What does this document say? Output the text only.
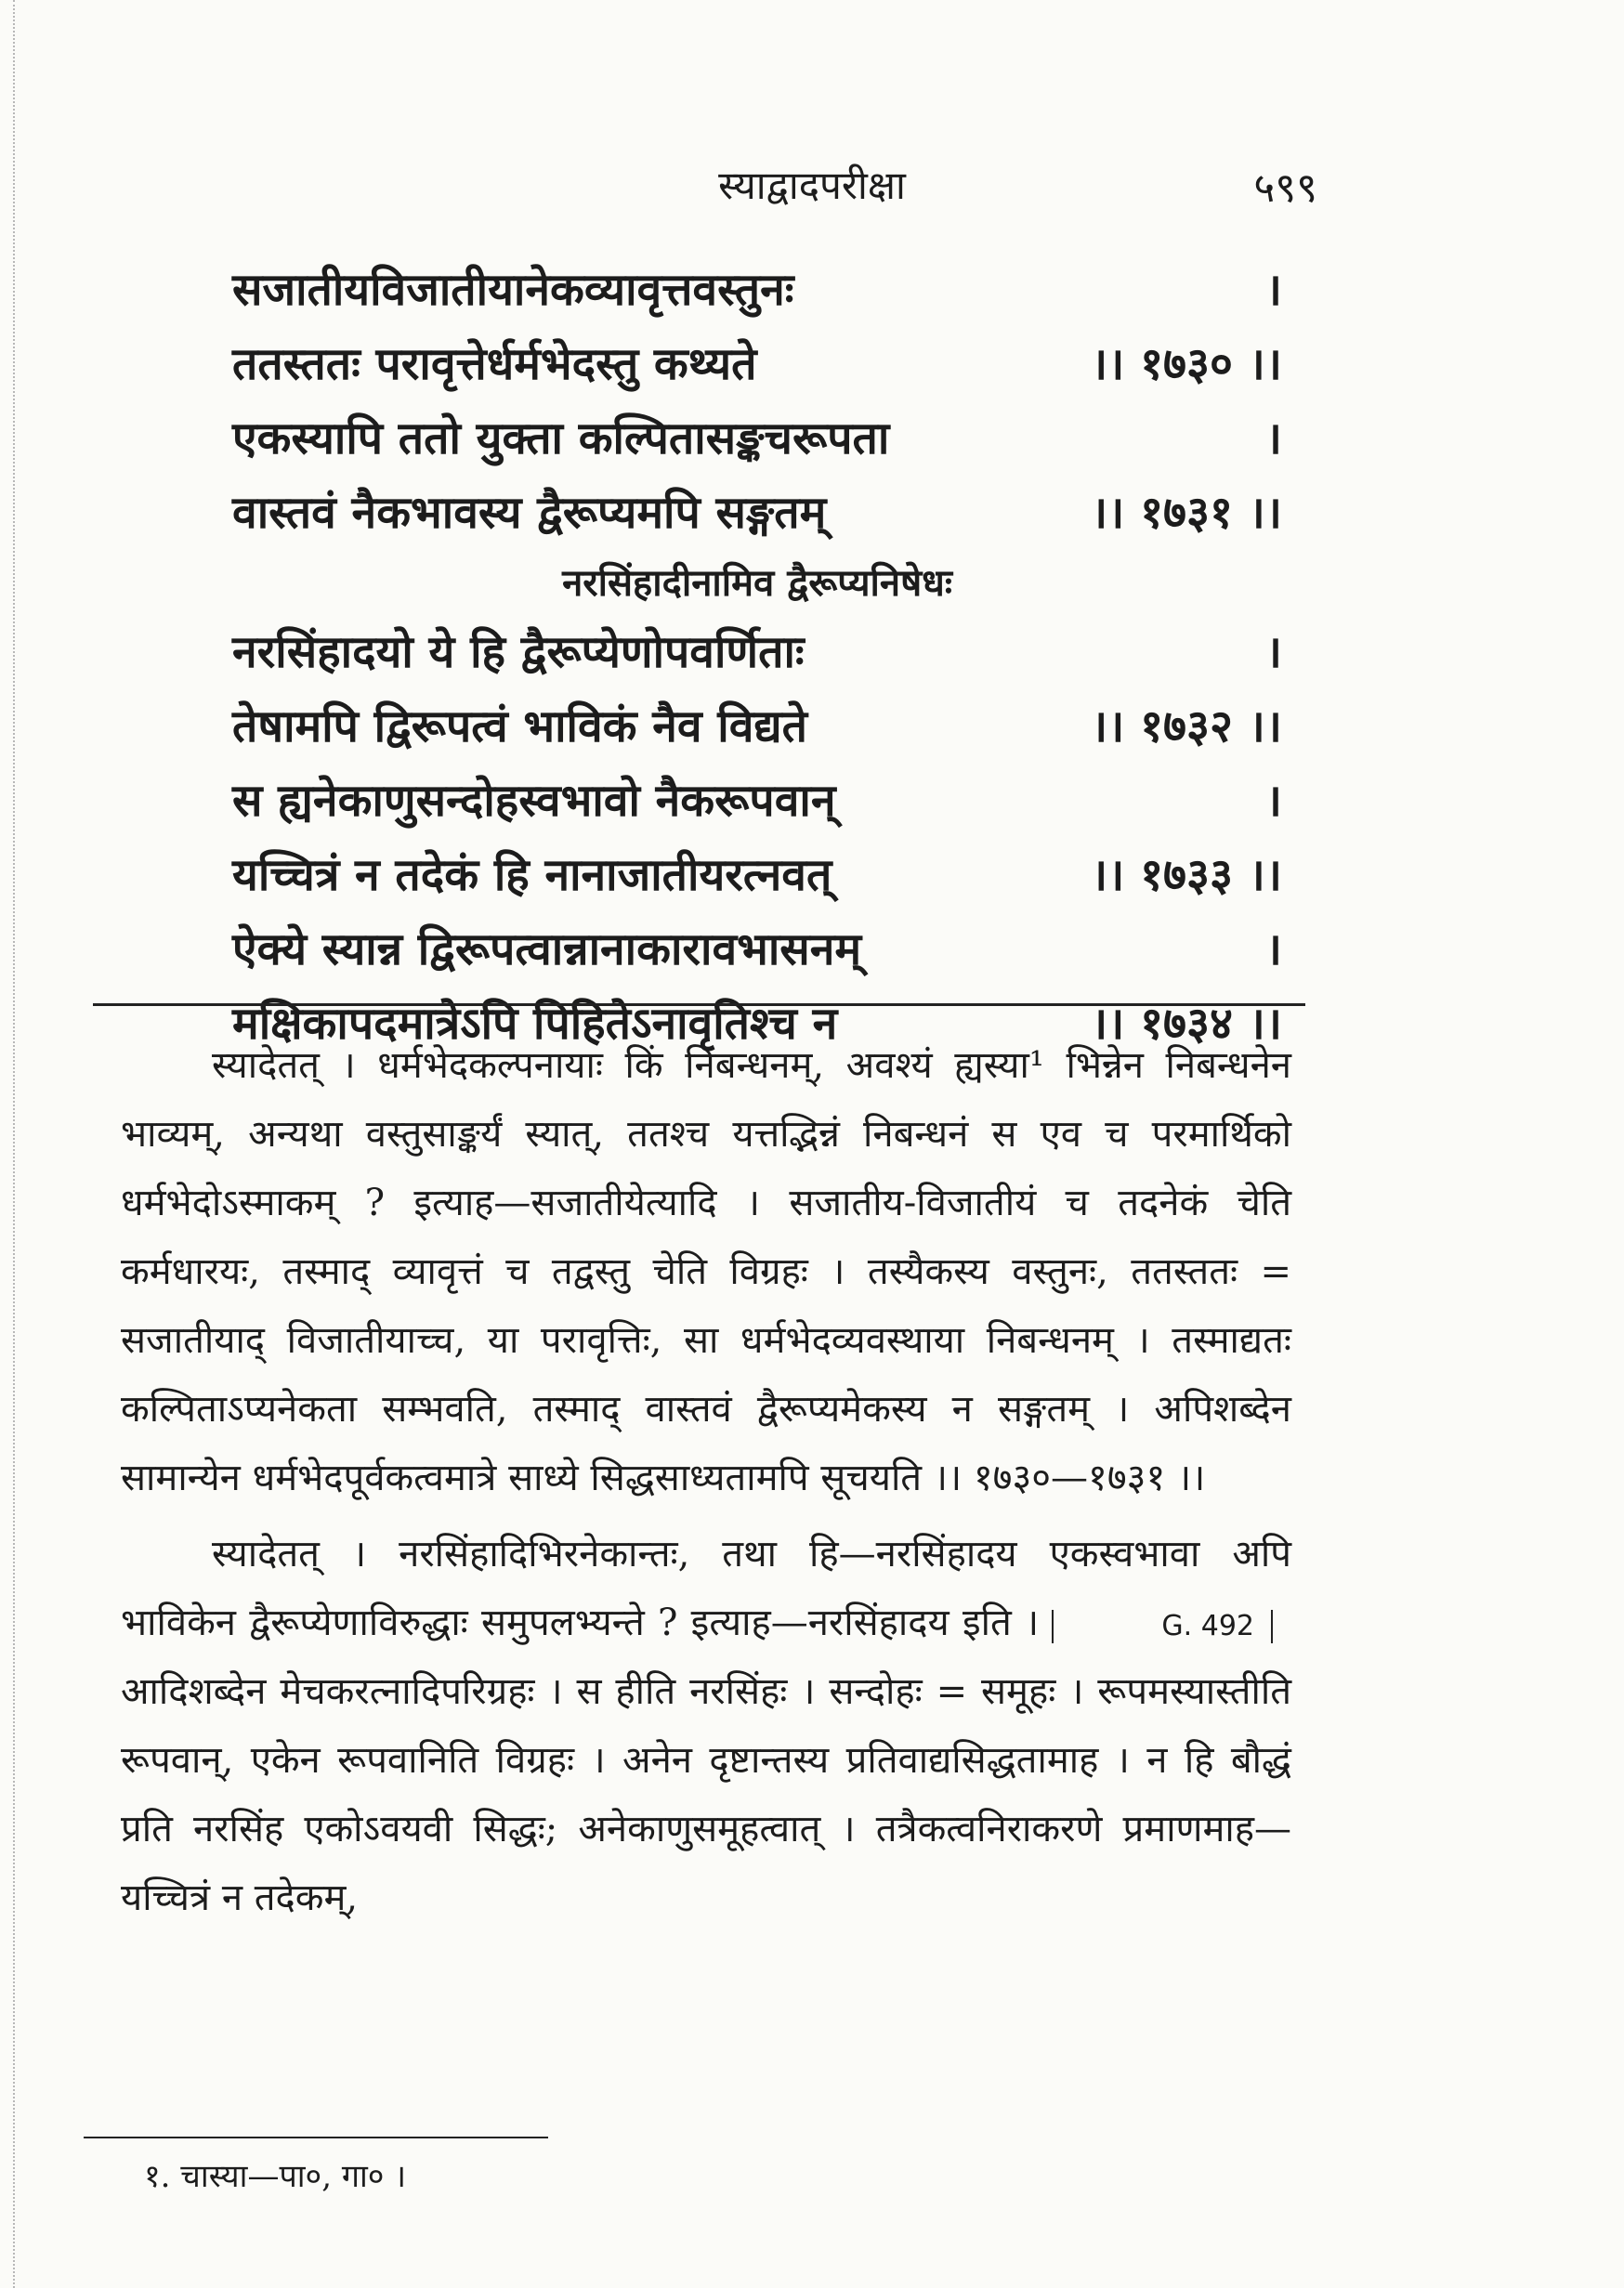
स्याद्वादपरीक्षा	५९९
सजातीयविजातीयानेकव्यावृत्तवस्तुनः	।
ततस्ततः परावृत्तेर्धर्मभेदस्तु कथ्यते	।। १७३० ।।
एकस्यापि ततो युक्ता कल्पितासङ्कचरूपता	।
वास्तवं नैकभावस्य द्वैरूप्यमपि सङ्गतम्	।। १७३१ ।।
नरसिंहादीनामिव द्वैरूप्यनिषेधः
नरसिंहादयो ये हि द्वैरूप्येणोपवर्णिताः	।
तेषामपि द्विरूपत्वं भाविकं नैव विद्यते	।। १७३२ ।।
स ह्यनेकाणुसन्दोहस्वभावो नैकरूपवान्	।
यच्चित्रं न तदेकं हि नानाजातीयरत्नवत्	।। १७३३ ।।
ऐक्ये स्यान्न द्विरूपत्वान्नानाकारावभासनम्	।
मक्षिकापदमात्रेऽपि पिहितेऽनावृतिश्च न	।। १७३४ ।।

स्यादेतत् । धर्मभेदकल्पनायाः किं निबन्धनम्, अवश्यं ह्यस्या¹ भिन्नेन निबन्धनेन भाव्यम्, अन्यथा वस्तुसाङ्कर्यं स्यात्, ततश्च यत्तद्भिन्नं निबन्धनं स एव च परमार्थिको धर्मभेदोऽस्माकम् ? इत्याह—सजातीयेत्यादि । सजातीय-विजातीयं च तदनेकं चेति कर्मधारयः, तस्माद् व्यावृत्तं च तद्वस्तु चेति विग्रहः । तस्यैकस्य वस्तुनः, ततस्ततः = सजातीयाद् विजातीयाच्च, या परावृत्तिः, सा धर्मभेदव्यवस्थाया निबन्धनम् । तस्माद्यतः कल्पिताऽप्यनेकता सम्भवति, तस्माद् वास्तवं द्वैरूप्यमेकस्य न सङ्गतम् । अपिशब्देन सामान्येन धर्मभेदपूर्वकत्वमात्रे साध्ये सिद्धसाध्यतामपि सूचयति ।। १७३०—१७३१ ।।

स्यादेतत् । नरसिंहादिभिरनेकान्तः, तथा हि—नरसिंहादय एकस्वभावा अपि भाविकेन द्वैरूप्येणाविरुद्धाः समुपलभ्यन्ते ? इत्याह—नरसिंहादय इति ।	G. 492 आदिशब्देन मेचकरत्नादिपरिग्रहः । स हीति नरसिंहः । सन्दोहः = समूहः । रूपमस्यास्तीति रूपवान्, एकेन रूपवानिति विग्रहः । अनेन दृष्टान्तस्य प्रतिवाद्यसिद्धतामाह । न हि बौद्धं प्रति नरसिंह एकोऽवयवी सिद्धः; अनेकाणुसमूहत्वात् । तत्रैकत्वनिराकरणे प्रमाणमाह—यच्चित्रं न तदेकम्,

१. चास्या—पा०, गा० ।
